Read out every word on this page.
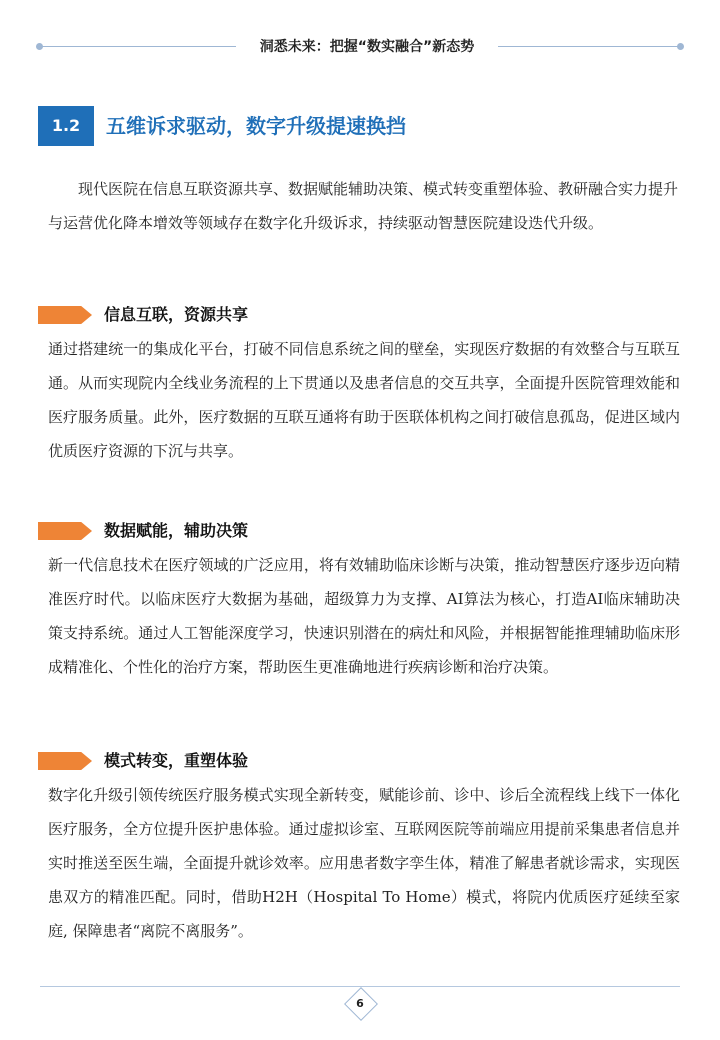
洞悉未来：把握“数实融合”新态势
1.2	五维诉求驱动，数字升级提速换挡

现代医院在信息互联资源共享、数据赋能辅助决策、模式转变重塑体验、教研融合实力提升与运营优化降本增效等领域存在数字化升级诉求，持续驱动智慧医院建设迭代升级。

信息互联，资源共享

通过搭建统一的集成化平台，打破不同信息系统之间的壁垒，实现医疗数据的有效整合与互联互通。从而实现院内全线业务流程的上下贯通以及患者信息的交互共享，全面提升医院管理效能和医疗服务质量。此外，医疗数据的互联互通将有助于医联体机构之间打破信息孤岛，促进区域内优质医疗资源的下沉与共享。

数据赋能，辅助决策

新一代信息技术在医疗领域的广泛应用，将有效辅助临床诊断与决策，推动智慧医疗逐步迈向精准医疗时代。以临床医疗大数据为基础，超级算力为支撑、AI算法为核心，打造AI临床辅助决策支持系统。通过人工智能深度学习，快速识别潜在的病灶和风险，并根据智能推理辅助临床形成精准化、个性化的治疗方案，帮助医生更准确地进行疾病诊断和治疗决策。

模式转变，重塑体验

数字化升级引领传统医疗服务模式实现全新转变，赋能诊前、诊中、诊后全流程线上线下一体化医疗服务，全方位提升医护患体验。通过虚拟诊室、互联网医院等前端应用提前采集患者信息并实时推送至医生端，全面提升就诊效率。应用患者数字孪生体，精准了解患者就诊需求，实现医患双方的精准匹配。同时，借助H2H（Hospital To Home）模式，将院内优质医疗延续至家庭, 保障患者“离院不离服务”。

6
